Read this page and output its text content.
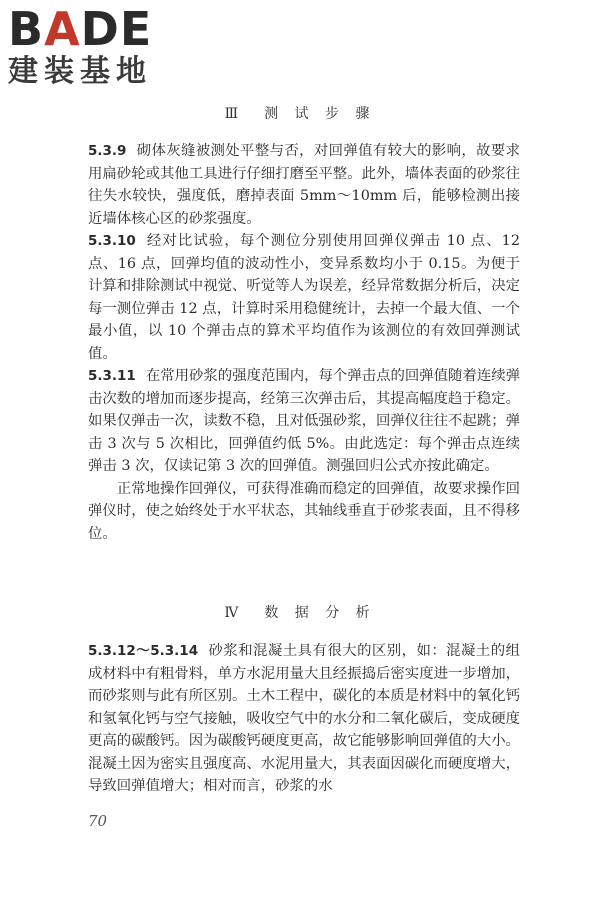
BADE
建装基地
Ⅲ　测 试 步 骤

5.3.9 砌体灰缝被测处平整与否，对回弹值有较大的影响，故要求用扁砂轮或其他工具进行仔细打磨至平整。此外，墙体表面的砂浆往往失水较快，强度低，磨掉表面 5mm～10mm 后，能够检测出接近墙体核心区的砂浆强度。

5.3.10 经对比试验，每个测位分别使用回弹仪弹击 10 点、12 点、16 点，回弹均值的波动性小，变异系数均小于 0.15。为便于计算和排除测试中视觉、听觉等人为误差，经异常数据分析后，决定每一测位弹击 12 点，计算时采用稳健统计，去掉一个最大值、一个最小值，以 10 个弹击点的算术平均值作为该测位的有效回弹测试值。

5.3.11 在常用砂浆的强度范围内，每个弹击点的回弹值随着连续弹击次数的增加而逐步提高，经第三次弹击后，其提高幅度趋于稳定。如果仅弹击一次，读数不稳，且对低强砂浆，回弹仪往往不起跳；弹击 3 次与 5 次相比，回弹值约低 5%。由此选定：每个弹击点连续弹击 3 次，仅读记第 3 次的回弹值。测强回归公式亦按此确定。

正常地操作回弹仪，可获得准确而稳定的回弹值，故要求操作回弹仪时，使之始终处于水平状态，其轴线垂直于砂浆表面，且不得移位。

Ⅳ　数 据 分 析

5.3.12～5.3.14 砂浆和混凝土具有很大的区别，如：混凝土的组成材料中有粗骨料，单方水泥用量大且经振捣后密实度进一步增加，而砂浆则与此有所区别。土木工程中，碳化的本质是材料中的氧化钙和氢氧化钙与空气接触，吸收空气中的水分和二氧化碳后，变成硬度更高的碳酸钙。因为碳酸钙硬度更高，故它能够影响回弹值的大小。混凝土因为密实且强度高、水泥用量大，其表面因碳化而硬度增大，导致回弹值增大；相对而言，砂浆的水

70
